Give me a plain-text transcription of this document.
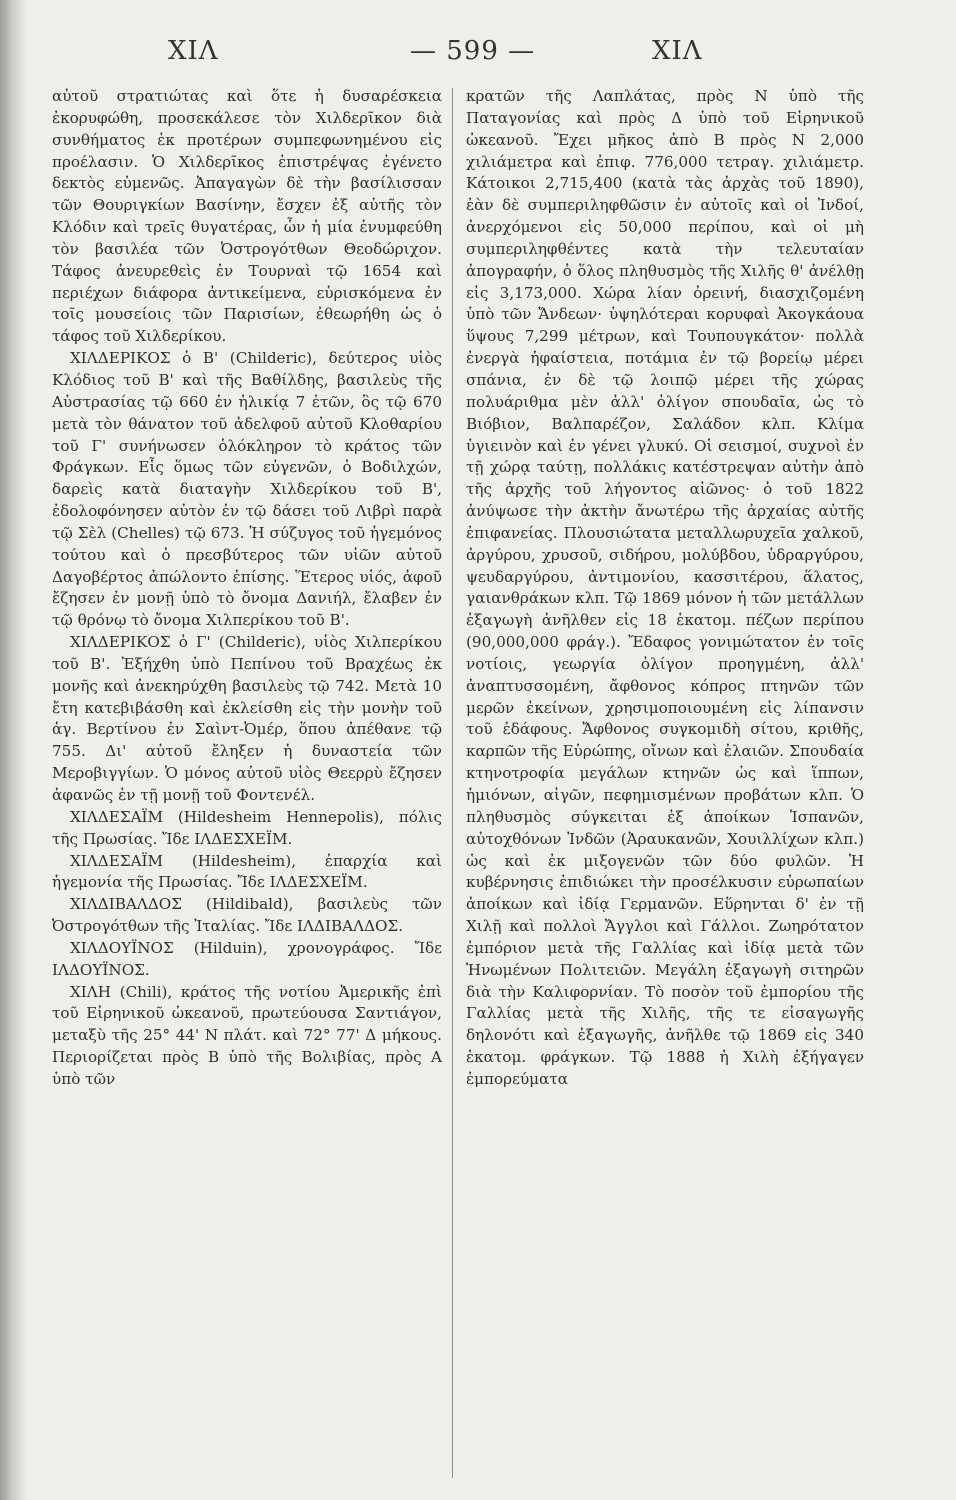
ΧΙΛ	— 599 —	ΧΙΛ

αὐτοῦ στρατιώτας καὶ ὅτε ἡ δυσαρέσκεια ἐκορυφώθη, προσεκάλεσε τὸν Χιλδερῖκον διὰ συνθήματος ἐκ προτέρων συμπεφωνημένου εἰς προέλασιν. Ὁ Χιλδερῖκος ἐπιστρέψας ἐγένετο δεκτὸς εὐμενῶς. Ἀπαγαγὼν δὲ τὴν βασίλισσαν τῶν Θουριγκίων Βασίνην, ἔσχεν ἐξ αὐτῆς τὸν Κλόδιν καὶ τρεῖς θυγατέρας, ὧν ἡ μία ἐνυμφεύθη τὸν βασιλέα τῶν Ὀστρογότθων Θεοδώριχον. Τάφος ἀνευρεθεὶς ἐν Τουρναὶ τῷ 1654 καὶ περιέχων διάφορα ἀντικείμενα, εὑρισκόμενα ἐν τοῖς μουσείοις τῶν Παρισίων, ἐθεωρήθη ὡς ὁ τάφος τοῦ Χιλδερίκου.

ΧΙΛΔΕΡΙΚΟΣ ὁ Β' (Childeric), δεύτερος υἱὸς Κλόδιος τοῦ Β' καὶ τῆς Βαθίλδης, βασιλεὺς τῆς Αὐστρασίας τῷ 660 ἐν ἡλικίᾳ 7 ἐτῶν, ὃς τῷ 670 μετὰ τὸν θάνατον τοῦ ἀδελφοῦ αὐτοῦ Κλοθαρίου τοῦ Γ' συνήνωσεν ὁλόκληρον τὸ κράτος τῶν Φράγκων. Εἷς ὅμως τῶν εὐγενῶν, ὁ Βοδιλχών, δαρεὶς κατὰ διαταγὴν Χιλδερίκου τοῦ Β', ἐδολοφόνησεν αὐτὸν ἐν τῷ δάσει τοῦ Λιβρὶ παρὰ τῷ Σὲλ (Chelles) τῷ 673. Ἡ σύζυγος τοῦ ἡγεμόνος τούτου καὶ ὁ πρεσβύτερος τῶν υἱῶν αὐτοῦ Δαγοβέρτος ἀπώλοντο ἐπίσης. Ἕτερος υἱός, ἀφοῦ ἔζησεν ἐν μονῇ ὑπὸ τὸ ὄνομα Δανιήλ, ἔλαβεν ἐν τῷ θρόνῳ τὸ ὄνομα Χιλπερίκου τοῦ Β'.

ΧΙΛΔΕΡΙΚΟΣ ὁ Γ' (Childeric), υἱὸς Χιλπερίκου τοῦ Β'. Ἐξήχθη ὑπὸ Πεπίνου τοῦ Βραχέως ἐκ μονῆς καὶ ἀνεκηρύχθη βασιλεὺς τῷ 742. Μετὰ 10 ἔτη κατεβιβάσθη καὶ ἐκλείσθη εἰς τὴν μονὴν τοῦ ἁγ. Βερτίνου ἐν Σαὶντ-Ὀμέρ, ὅπου ἀπέθανε τῷ 755. Δι' αὐτοῦ ἔληξεν ἡ δυναστεία τῶν Μεροβιγγίων. Ὁ μόνος αὐτοῦ υἱὸς Θεερρὺ ἔζησεν ἀφανῶς ἐν τῇ μονῇ τοῦ Φοντενέλ.

ΧΙΛΔΕΣΑΪΜ (Hildesheim Hennepolis), πόλις τῆς Πρωσίας. Ἴδε ΙΛΔΕΣΧΕΪΜ.

ΧΙΛΔΕΣΑΪΜ (Hildesheim), ἐπαρχία καὶ ἡγεμονία τῆς Πρωσίας. Ἴδε ΙΛΔΕΣΧΕΪΜ.

ΧΙΛΔΙΒΑΛΔΟΣ (Hildibald), βασιλεὺς τῶν Ὀστρογότθων τῆς Ἰταλίας. Ἴδε ΙΛΔΙΒΑΛΔΟΣ.

ΧΙΛΔΟΥΪΝΟΣ (Hilduin), χρονογράφος. Ἴδε ΙΛΔΟΥΪΝΟΣ.

ΧΙΛΗ (Chili), κράτος τῆς νοτίου Ἀμερικῆς ἐπὶ τοῦ Εἰρηνικοῦ ὠκεανοῦ, πρωτεύουσα Σαντιάγον, μεταξὺ τῆς 25° 44' Ν πλάτ. καὶ 72° 77' Δ μήκους. Περιορίζεται πρὸς Β ὑπὸ τῆς Βολιβίας, πρὸς Α ὑπὸ τῶν

κρατῶν τῆς Λαπλάτας, πρὸς Ν ὑπὸ τῆς Παταγονίας καὶ πρὸς Δ ὑπὸ τοῦ Εἰρηνικοῦ ὠκεανοῦ. Ἔχει μῆκος ἀπὸ Β πρὸς Ν 2,000 χιλιάμετρα καὶ ἐπιφ. 776,000 τετραγ. χιλιάμετρ. Κάτοικοι 2,715,400 (κατὰ τὰς ἀρχὰς τοῦ 1890), ἐὰν δὲ συμπεριληφθῶσιν ἐν αὐτοῖς καὶ οἱ Ἰνδοί, ἀνερχόμενοι εἰς 50,000 περίπου, καὶ οἱ μὴ συμπεριληφθέντες κατὰ τὴν τελευταίαν ἀπογραφήν, ὁ ὅλος πληθυσμὸς τῆς Χιλῆς θ' ἀνέλθῃ εἰς 3,173,000. Χώρα λίαν ὀρεινή, διασχιζομένη ὑπὸ τῶν Ἄνδεων· ὑψηλότεραι κορυφαὶ Ἀκογκάουα ὕψους 7,299 μέτρων, καὶ Τουπουγκάτον· πολλὰ ἐνεργὰ ἡφαίστεια, ποτάμια ἐν τῷ βορείῳ μέρει σπάνια, ἐν δὲ τῷ λοιπῷ μέρει τῆς χώρας πολυάριθμα μὲν ἀλλ' ὀλίγον σπουδαῖα, ὡς τὸ Βιόβιον, Βαλπαρέζον, Σαλάδον κλπ. Κλίμα ὑγιεινὸν καὶ ἐν γένει γλυκύ. Οἱ σεισμοί, συχνοὶ ἐν τῇ χώρᾳ ταύτῃ, πολλάκις κατέστρεψαν αὐτὴν ἀπὸ τῆς ἀρχῆς τοῦ λήγοντος αἰῶνος· ὁ τοῦ 1822 ἀνύψωσε τὴν ἀκτὴν ἄνωτέρω τῆς ἀρχαίας αὐτῆς ἐπιφανείας. Πλουσιώτατα μεταλλωρυχεῖα χαλκοῦ, ἀργύρου, χρυσοῦ, σιδήρου, μολύβδου, ὑδραργύρου, ψευδαργύρου, ἀντιμονίου, κασσιτέρου, ἅλατος, γαιανθράκων κλπ. Τῷ 1869 μόνον ἡ τῶν μετάλλων ἐξαγωγὴ ἀνῆλθεν εἰς 18 ἑκατομ. πέζων περίπου (90,000,000 φράγ.). Ἔδαφος γονιμώτατον ἐν τοῖς νοτίοις, γεωργία ὀλίγον προηγμένη, ἀλλ' ἀναπτυσσομένη, ἄφθονος κόπρος πτηνῶν τῶν μερῶν ἐκείνων, χρησιμοποιουμένη εἰς λίπανσιν τοῦ ἐδάφους. Ἄφθονος συγκομιδὴ σίτου, κριθῆς, καρπῶν τῆς Εὐρώπης, οἴνων καὶ ἐλαιῶν. Σπουδαία κτηνοτροφία μεγάλων κτηνῶν ὡς καὶ ἵππων, ἡμιόνων, αἰγῶν, πεφημισμένων προβάτων κλπ. Ὁ πληθυσμὸς σύγκειται ἐξ ἀποίκων Ἱσπανῶν, αὐτοχθόνων Ἰνδῶν (Ἀραυκανῶν, Χουιλλίχων κλπ.) ὡς καὶ ἐκ μιξογενῶν τῶν δύο φυλῶν. Ἡ κυβέρνησις ἐπιδιώκει τὴν προσέλκυσιν εὐρωπαίων ἀποίκων καὶ ἰδίᾳ Γερμανῶν. Εὕρηνται δ' ἐν τῇ Χιλῇ καὶ πολλοὶ Ἄγγλοι καὶ Γάλλοι. Ζωηρότατον ἐμπόριον μετὰ τῆς Γαλλίας καὶ ἰδίᾳ μετὰ τῶν Ἡνωμένων Πολιτειῶν. Μεγάλη ἐξαγωγὴ σιτηρῶν διὰ τὴν Καλιφορνίαν. Τὸ ποσὸν τοῦ ἐμπορίου τῆς Γαλλίας μετὰ τῆς Χιλῆς, τῆς τε εἰσαγωγῆς δηλονότι καὶ ἐξαγωγῆς, ἀνῆλθε τῷ 1869 εἰς 340 ἑκατομ. φράγκων. Τῷ 1888 ἡ Χιλὴ ἐξήγαγεν ἐμπορεύματα
